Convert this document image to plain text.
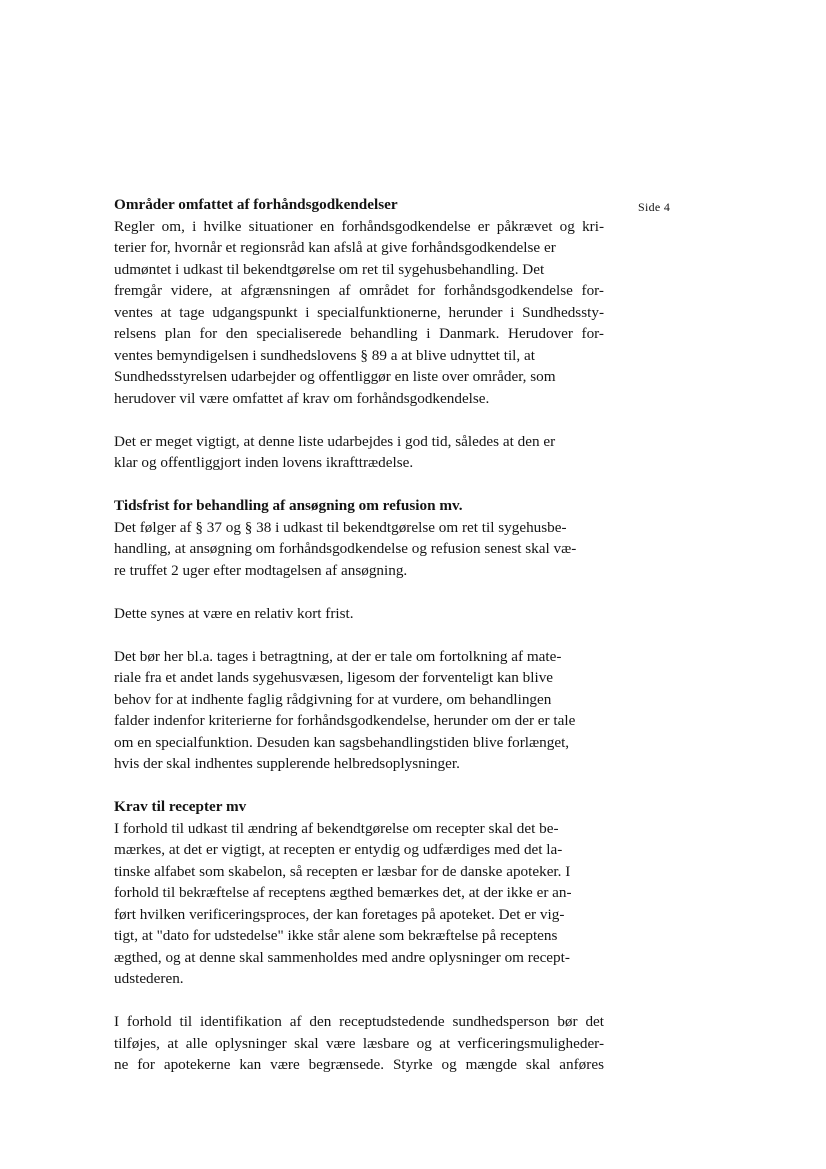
Side 4
Områder omfattet af forhåndsgodkendelser
Regler om, i hvilke situationer en forhåndsgodkendelse er påkrævet og kri-
terier for, hvornår et regionsråd kan afslå at give forhåndsgodkendelse er
udmøntet i udkast til bekendtgørelse om ret til sygehusbehandling. Det
fremgår videre, at afgrænsningen af området for forhåndsgodkendelse for-
ventes at tage udgangspunkt i specialfunktionerne, herunder i Sundhedssty-
relsens plan for den specialiserede behandling i Danmark. Herudover for-
ventes bemyndigelsen i sundhedslovens § 89 a at blive udnyttet til, at
Sundhedsstyrelsen udarbejder og offentliggør en liste over områder, som
herudover vil være omfattet af krav om forhåndsgodkendelse.
Det er meget vigtigt, at denne liste udarbejdes i god tid, således at den er
klar og offentliggjort inden lovens ikrafttrædelse.
Tidsfrist for behandling af ansøgning om refusion mv.
Det følger af § 37 og § 38 i udkast til bekendtgørelse om ret til sygehusbe-
handling, at ansøgning om forhåndsgodkendelse og refusion senest skal væ-
re truffet 2 uger efter modtagelsen af ansøgning.
Dette synes at være en relativ kort frist.
Det bør her bl.a. tages i betragtning, at der er tale om fortolkning af mate-
riale fra et andet lands sygehusvæsen, ligesom der forventeligt kan blive
behov for at indhente faglig rådgivning for at vurdere, om behandlingen
falder indenfor kriterierne for forhåndsgodkendelse, herunder om der er tale
om en specialfunktion. Desuden kan sagsbehandlingstiden blive forlænget,
hvis der skal indhentes supplerende helbredsoplysninger.
Krav til recepter mv
I forhold til udkast til ændring af bekendtgørelse om recepter skal det be-
mærkes, at det er vigtigt, at recepten er entydig og udfærdiges med det la-
tinske alfabet som skabelon, så recepten er læsbar for de danske apoteker. I
forhold til bekræftelse af receptens ægthed bemærkes det, at der ikke er an-
ført hvilken verificeringsproces, der kan foretages på apoteket. Det er vig-
tigt, at "dato for udstedelse" ikke står alene som bekræftelse på receptens
ægthed, og at denne skal sammenholdes med andre oplysninger om recept-
udstederen.
I forhold til identifikation af den receptudstedende sundhedsperson bør det
tilføjes, at alle oplysninger skal være læsbare og at verficeringsmuligheder-
ne for apotekerne kan være begrænsede. Styrke og mængde skal anføres
